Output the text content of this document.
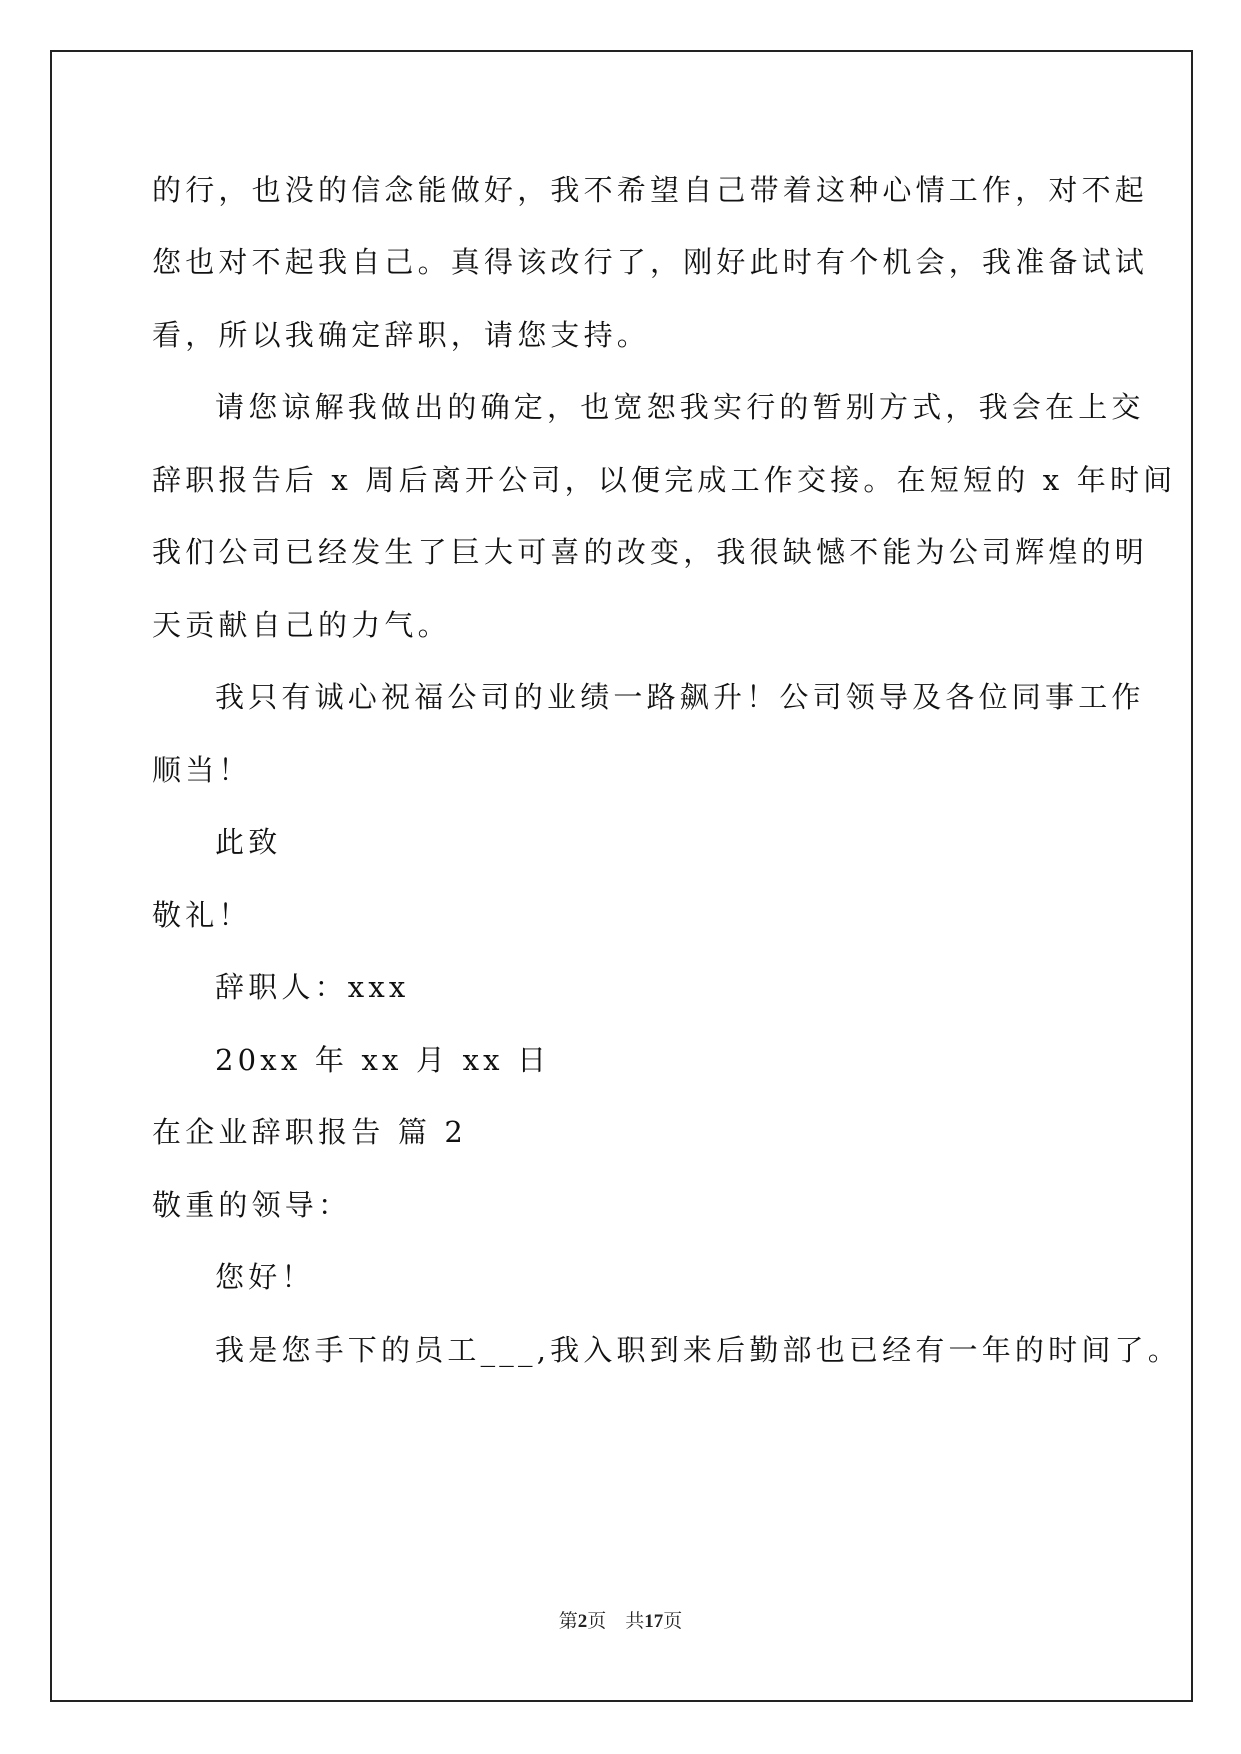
的行，也没的信念能做好，我不希望自己带着这种心情工作，对不起
您也对不起我自己。真得该改行了，刚好此时有个机会，我准备试试
看，所以我确定辞职，请您支持。
请您谅解我做出的确定，也宽恕我实行的暂别方式，我会在上交
辞职报告后 x 周后离开公司，以便完成工作交接。在短短的 x 年时间
我们公司已经发生了巨大可喜的改变，我很缺憾不能为公司辉煌的明
天贡献自己的力气。
我只有诚心祝福公司的业绩一路飙升！公司领导及各位同事工作
顺当！
此致
敬礼！
辞职人：xxx
20xx 年 xx 月 xx 日
在企业辞职报告 篇 2
敬重的领导：
您好！
我是您手下的员工___,我入职到来后勤部也已经有一年的时间了。
第2页　共17页
